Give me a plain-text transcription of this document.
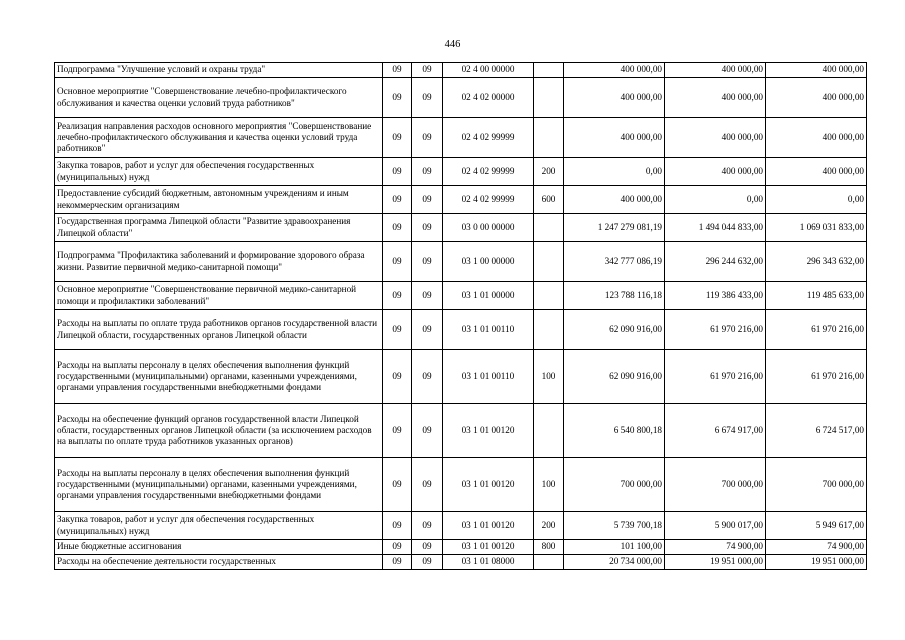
446
Подпрограмма "Улучшение условий и охраны труда"	09	09	02 4 00 00000		400 000,00	400 000,00	400 000,00
Основное мероприятие "Совершенствование лечебно-профилактического обслуживания и качества оценки условий труда работников"	09	09	02 4 02 00000		400 000,00	400 000,00	400 000,00
Реализация направления расходов основного мероприятия "Совершенствование лечебно-профилактического обслуживания и качества оценки условий труда работников"	09	09	02 4 02 99999		400 000,00	400 000,00	400 000,00
Закупка товаров, работ и услуг для обеспечения государственных (муниципальных) нужд	09	09	02 4 02 99999	200	0,00	400 000,00	400 000,00
Предоставление субсидий бюджетным, автономным учреждениям и иным некоммерческим организациям	09	09	02 4 02 99999	600	400 000,00	0,00	0,00
Государственная программа Липецкой области "Развитие здравоохранения Липецкой области"	09	09	03 0 00 00000		1 247 279 081,19	1 494 044 833,00	1 069 031 833,00
Подпрограмма "Профилактика заболеваний и формирование здорового образа жизни. Развитие первичной медико-санитарной помощи"	09	09	03 1 00 00000		342 777 086,19	296 244 632,00	296 343 632,00
Основное мероприятие "Совершенствование первичной медико-санитарной помощи и профилактики заболеваний"	09	09	03 1 01 00000		123 788 116,18	119 386 433,00	119 485 633,00
Расходы на выплаты по оплате труда работников органов государственной власти Липецкой области, государственных органов Липецкой области	09	09	03 1 01 00110		62 090 916,00	61 970 216,00	61 970 216,00
Расходы на выплаты персоналу в целях обеспечения выполнения функций государственными (муниципальными) органами, казенными учреждениями, органами управления государственными внебюджетными фондами	09	09	03 1 01 00110	100	62 090 916,00	61 970 216,00	61 970 216,00
Расходы на обеспечение функций органов государственной власти Липецкой области, государственных органов Липецкой области (за исключением расходов на выплаты по оплате труда работников указанных органов)	09	09	03 1 01 00120		6 540 800,18	6 674 917,00	6 724 517,00
Расходы на выплаты персоналу в целях обеспечения выполнения функций государственными (муниципальными) органами, казенными учреждениями, органами управления государственными внебюджетными фондами	09	09	03 1 01 00120	100	700 000,00	700 000,00	700 000,00
Закупка товаров, работ и услуг для обеспечения государственных (муниципальных) нужд	09	09	03 1 01 00120	200	5 739 700,18	5 900 017,00	5 949 617,00
Иные бюджетные ассигнования	09	09	03 1 01 00120	800	101 100,00	74 900,00	74 900,00
Расходы на обеспечение деятельности государственных	09	09	03 1 01 08000		20 734 000,00	19 951 000,00	19 951 000,00
